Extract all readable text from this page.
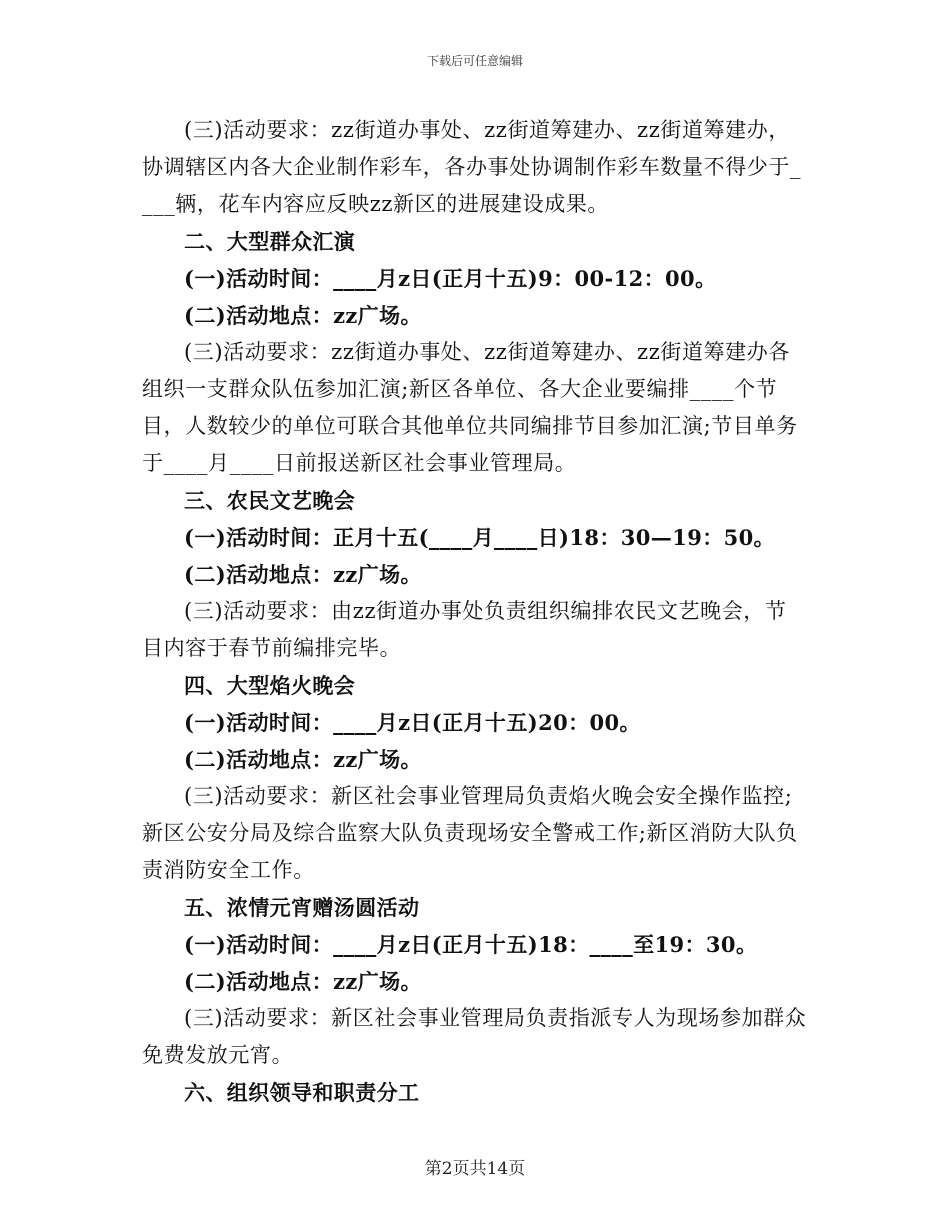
下载后可任意编辑

(三)活动要求：zz街道办事处、zz街道筹建办、zz街道筹建办，协调辖区内各大企业制作彩车，各办事处协调制作彩车数量不得少于____辆，花车内容应反映zz新区的进展建设成果。

二、大型群众汇演

(一)活动时间：____月z日(正月十五)9：00-12：00。

(二)活动地点：zz广场。

(三)活动要求：zz街道办事处、zz街道筹建办、zz街道筹建办各组织一支群众队伍参加汇演;新区各单位、各大企业要编排____个节目，人数较少的单位可联合其他单位共同编排节目参加汇演;节目单务于____月____日前报送新区社会事业管理局。

三、农民文艺晚会

(一)活动时间：正月十五(____月____日)18：30—19：50。

(二)活动地点：zz广场。

(三)活动要求：由zz街道办事处负责组织编排农民文艺晚会，节目内容于春节前编排完毕。

四、大型焰火晚会

(一)活动时间：____月z日(正月十五)20：00。

(二)活动地点：zz广场。

(三)活动要求：新区社会事业管理局负责焰火晚会安全操作监控;新区公安分局及综合监察大队负责现场安全警戒工作;新区消防大队负责消防安全工作。

五、浓情元宵赠汤圆活动

(一)活动时间：____月z日(正月十五)18：____至19：30。

(二)活动地点：zz广场。

(三)活动要求：新区社会事业管理局负责指派专人为现场参加群众免费发放元宵。

六、组织领导和职责分工

第2页共14页
